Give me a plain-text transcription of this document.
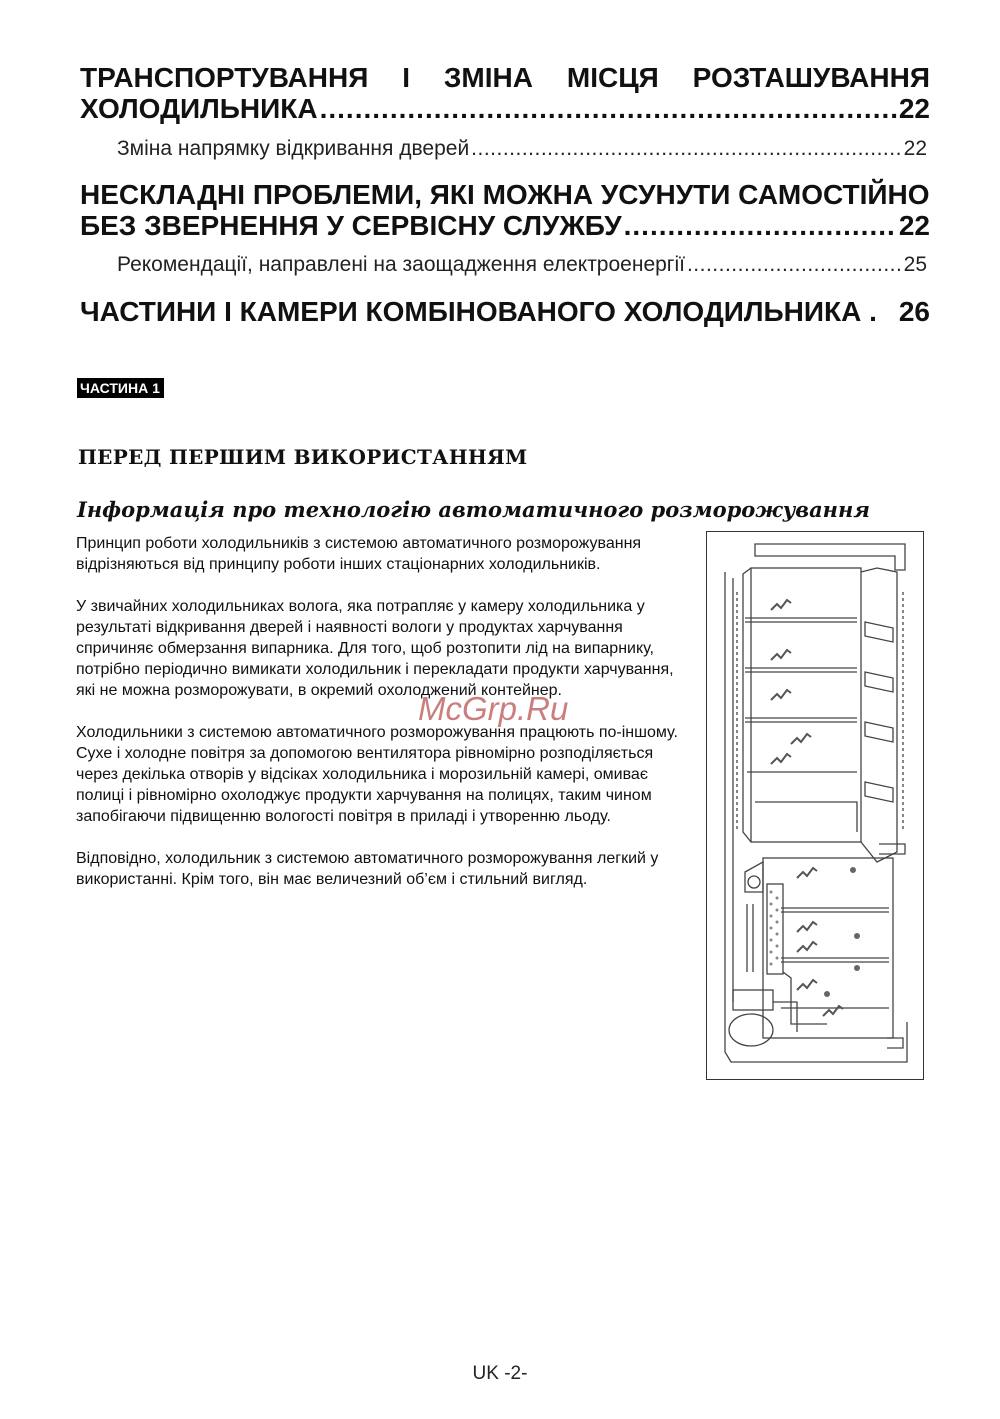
ТРАНСПОРТУВАННЯ І ЗМІНА МІСЦЯ РОЗТАШУВАННЯ
ХОЛОДИЛЬНИКА .....	22
Зміна напрямку відкривання дверей .....	22
НЕСКЛАДНІ ПРОБЛЕМИ, ЯКІ МОЖНА УСУНУТИ САМОСТІЙНО
БЕЗ ЗВЕРНЕННЯ У СЕРВІСНУ СЛУЖБУ .....	22
Рекомендації, направлені на заощадження електроенергії .....	25
ЧАСТИНИ І КАМЕРИ КОМБІНОВАНОГО ХОЛОДИЛЬНИКА . 26
ЧАСТИНА 1
ПЕРЕД ПЕРШИМ ВИКОРИСТАННЯМ
Інформація про технологію автоматичного розморожування

Принцип роботи холодильників з системою автоматичного розморожування відрізняються від принципу роботи інших стаціонарних холодильників.

У звичайних холодильниках волога, яка потрапляє у камеру холодильника у результаті відкривання дверей і наявності вологи у продуктах харчування спричиняє обмерзання випарника. Для того, щоб розтопити лід на випарнику, потрібно періодично вимикати холодильник і перекладати продукти харчування, які не можна розморожувати, в окремий охолоджений контейнер.

Холодильники з системою автоматичного розморожування працюють по-іншому. Сухе і холодне повітря за допомогою вентилятора рівномірно розподіляється через декілька отворів у відсіках холодильника і морозильній камері, омиває полиці і рівномірно охолоджує продукти харчування на полицях, таким чином запобігаючи підвищенню вологості повітря в приладі і утворенню льоду.

Відповідно, холодильник з системою автоматичного розморожування легкий у використанні. Крім того, він має величезний об’єм і стильний вигляд.

McGrp.Ru
UK -2-
